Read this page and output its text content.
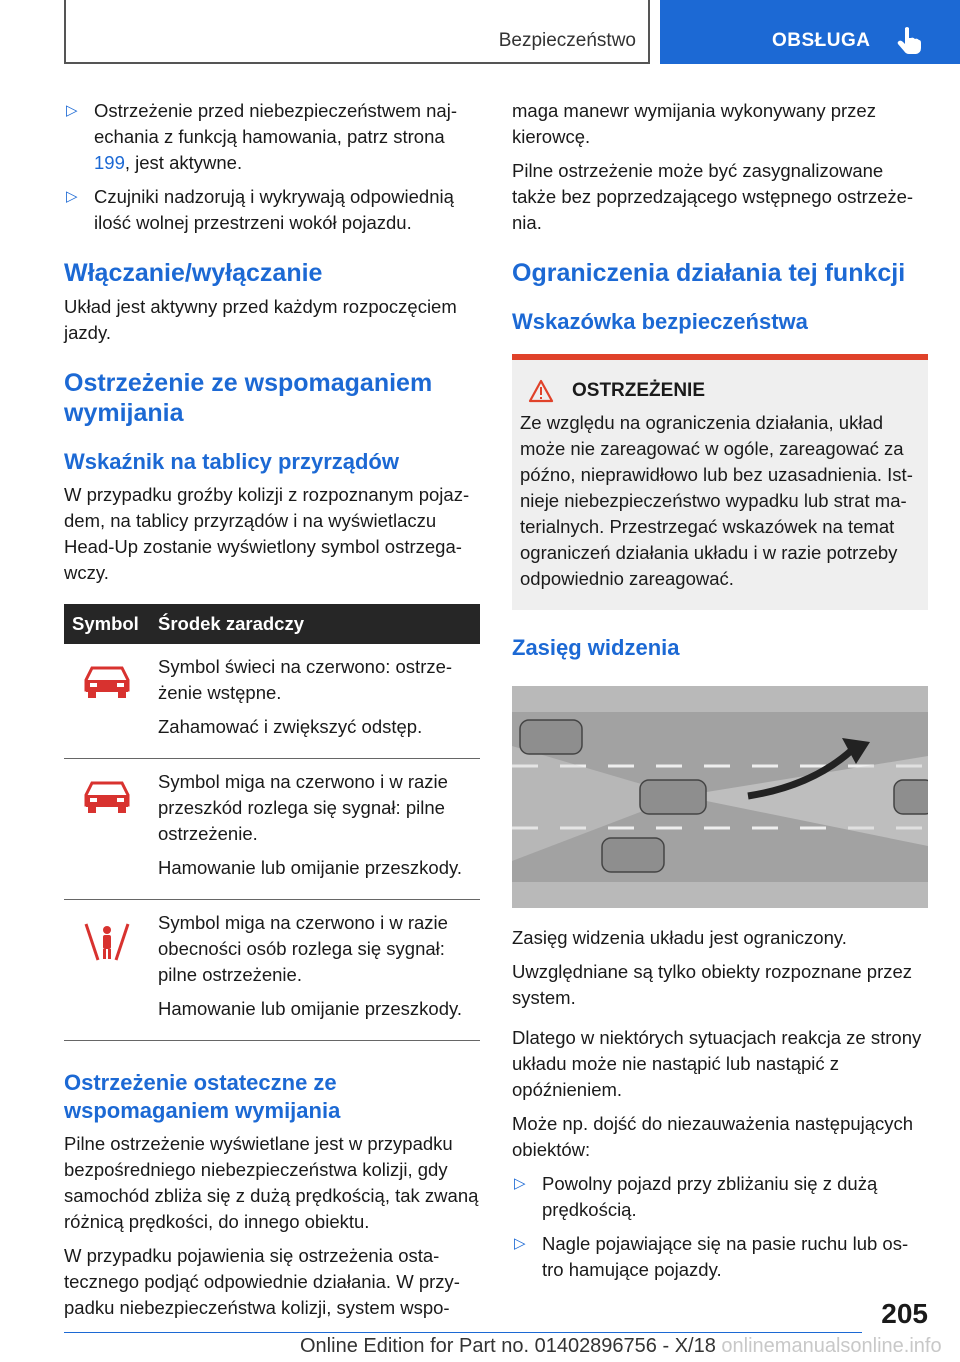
Bezpieczeństwo	OBSŁUGA
▷ Ostrzeżenie przed niebezpieczeństwem naj-echania z funkcją hamowania, patrz strona 199, jest aktywne.
▷ Czujniki nadzorują i wykrywają odpowiednią ilość wolnej przestrzeni wokół pojazdu.
Włączanie/wyłączanie

Układ jest aktywny przed każdym rozpoczęciem jazdy.

Ostrzeżenie ze wspomaganiem wymijania
Wskaźnik na tablicy przyrządów

W przypadku groźby kolizji z rozpoznanym pojaz-dem, na tablicy przyrządów i na wyświetlaczu Head-Up zostanie wyświetlony symbol ostrzega-wczy.

Symbol	Środek zaradczy

Symbol świeci na czerwono: ostrze-żenie wstępne.

Zahamować i zwiększyć odstęp.

Symbol miga na czerwono i w razie przeszkód rozlega się sygnał: pilne ostrzeżenie.

Hamowanie lub omijanie przeszkody.

Symbol miga na czerwono i w razie obecności osób rozlega się sygnał: pilne ostrzeżenie.

Hamowanie lub omijanie przeszkody.

Ostrzeżenie ostateczne ze wspomaganiem wymijania

Pilne ostrzeżenie wyświetlane jest w przypadku bezpośredniego niebezpieczeństwa kolizji, gdy samochód zbliża się z dużą prędkością, tak zwaną różnicą prędkości, do innego obiektu.

W przypadku pojawienia się ostrzeżenia osta-tecznego podjąć odpowiednie działania. W przy-padku niebezpieczeństwa kolizji, system wspo-

maga manewr wymijania wykonywany przez kierowcę.

Pilne ostrzeżenie może być zasygnalizowane także bez poprzedzającego wstępnego ostrzeże-nia.

Ograniczenia działania tej funkcji
Wskazówka bezpieczeństwa
OSTRZEŻENIE

Ze względu na ograniczenia działania, układ może nie zareagować w ogóle, zareagować za późno, nieprawidłowo lub bez uzasadnienia. Ist-nieje niebezpieczeństwo wypadku lub strat ma-terialnych. Przestrzegać wskazówek na temat ograniczeń działania układu i w razie potrzeby odpowiednio zareagować.

Zasięg widzenia

Zasięg widzenia układu jest ograniczony.

Uwzględniane są tylko obiekty rozpoznane przez system.

Dlatego w niektórych sytuacjach reakcja ze strony układu może nie nastąpić lub nastąpić z opóźnieniem.

Może np. dojść do niezauważenia następujących obiektów:

▷ Powolny pojazd przy zbliżaniu się z dużą prędkością.
▷ Nagle pojawiające się na pasie ruchu lub os-tro hamujące pojazdy.
205
Online Edition for Part no. 01402896756 - X/18 onlinemanualsonline.info
